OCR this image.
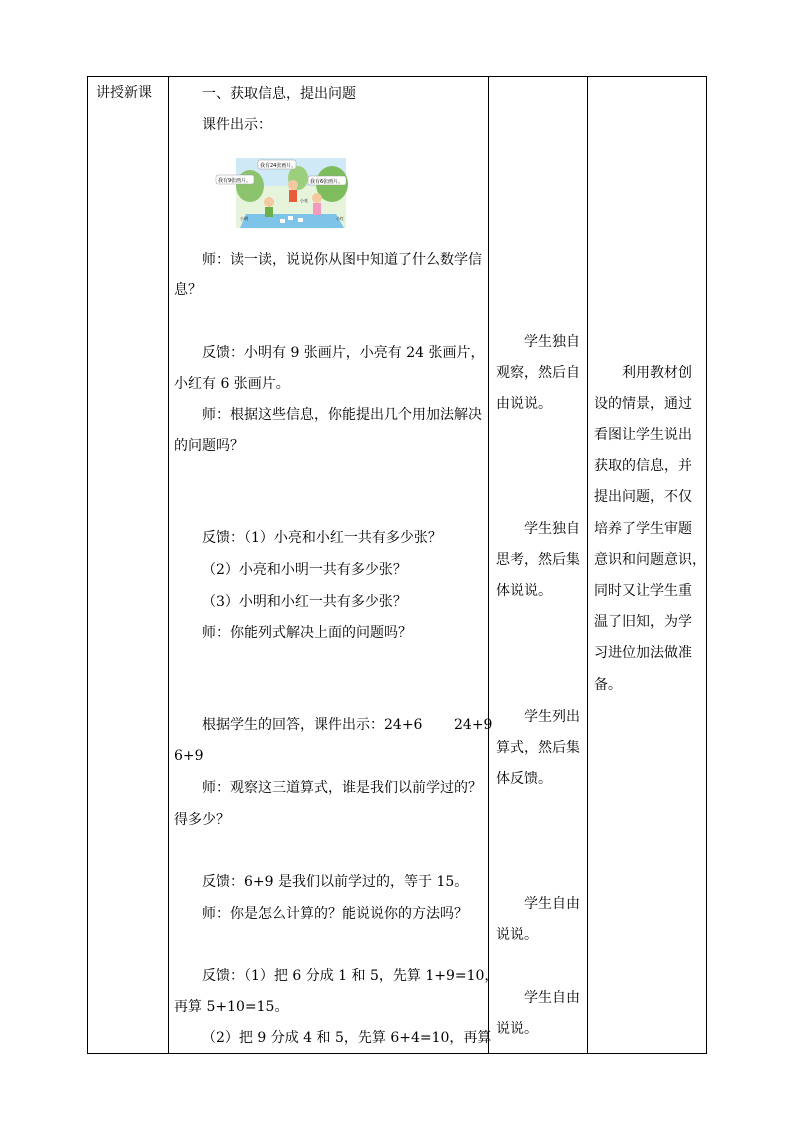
讲授新课	一、获取信息，提出问题
课件出示：
我有24张画片。
我有9张画片。	我有6张画片。
小明
小亮
小红
师：读一读，说说你从图中知道了什么数学信
息？
反馈：小明有 9 张画片，小亮有 24 张画片，
小红有 6 张画片。
师：根据这些信息，你能提出几个用加法解决
的问题吗？
反馈：（1）小亮和小红一共有多少张？
（2）小亮和小明一共有多少张？
（3）小明和小红一共有多少张？
师：你能列式解决上面的问题吗？
根据学生的回答，课件出示：24+6 24+9
6+9
师：观察这三道算式，谁是我们以前学过的？
得多少？
反馈：6+9 是我们以前学过的，等于 15。
师：你是怎么计算的？能说说你的方法吗？
反馈：（1）把 6 分成 1 和 5，先算 1+9=10，
再算 5+10=15。
（2）把 9 分成 4 和 5，先算 6+4=10，再算
学生独自
观察，然后自
由说说。
学生独自
思考，然后集
体说说。
学生列出
算式，然后集
体反馈。
学生自由
说说。
学生自由
说说。
利用教材创
设的情景，通过
看图让学生说出
获取的信息，并
提出问题，不仅
培养了学生审题
意识和问题意识，
同时又让学生重
温了旧知，为学
习进位加法做准
备。
